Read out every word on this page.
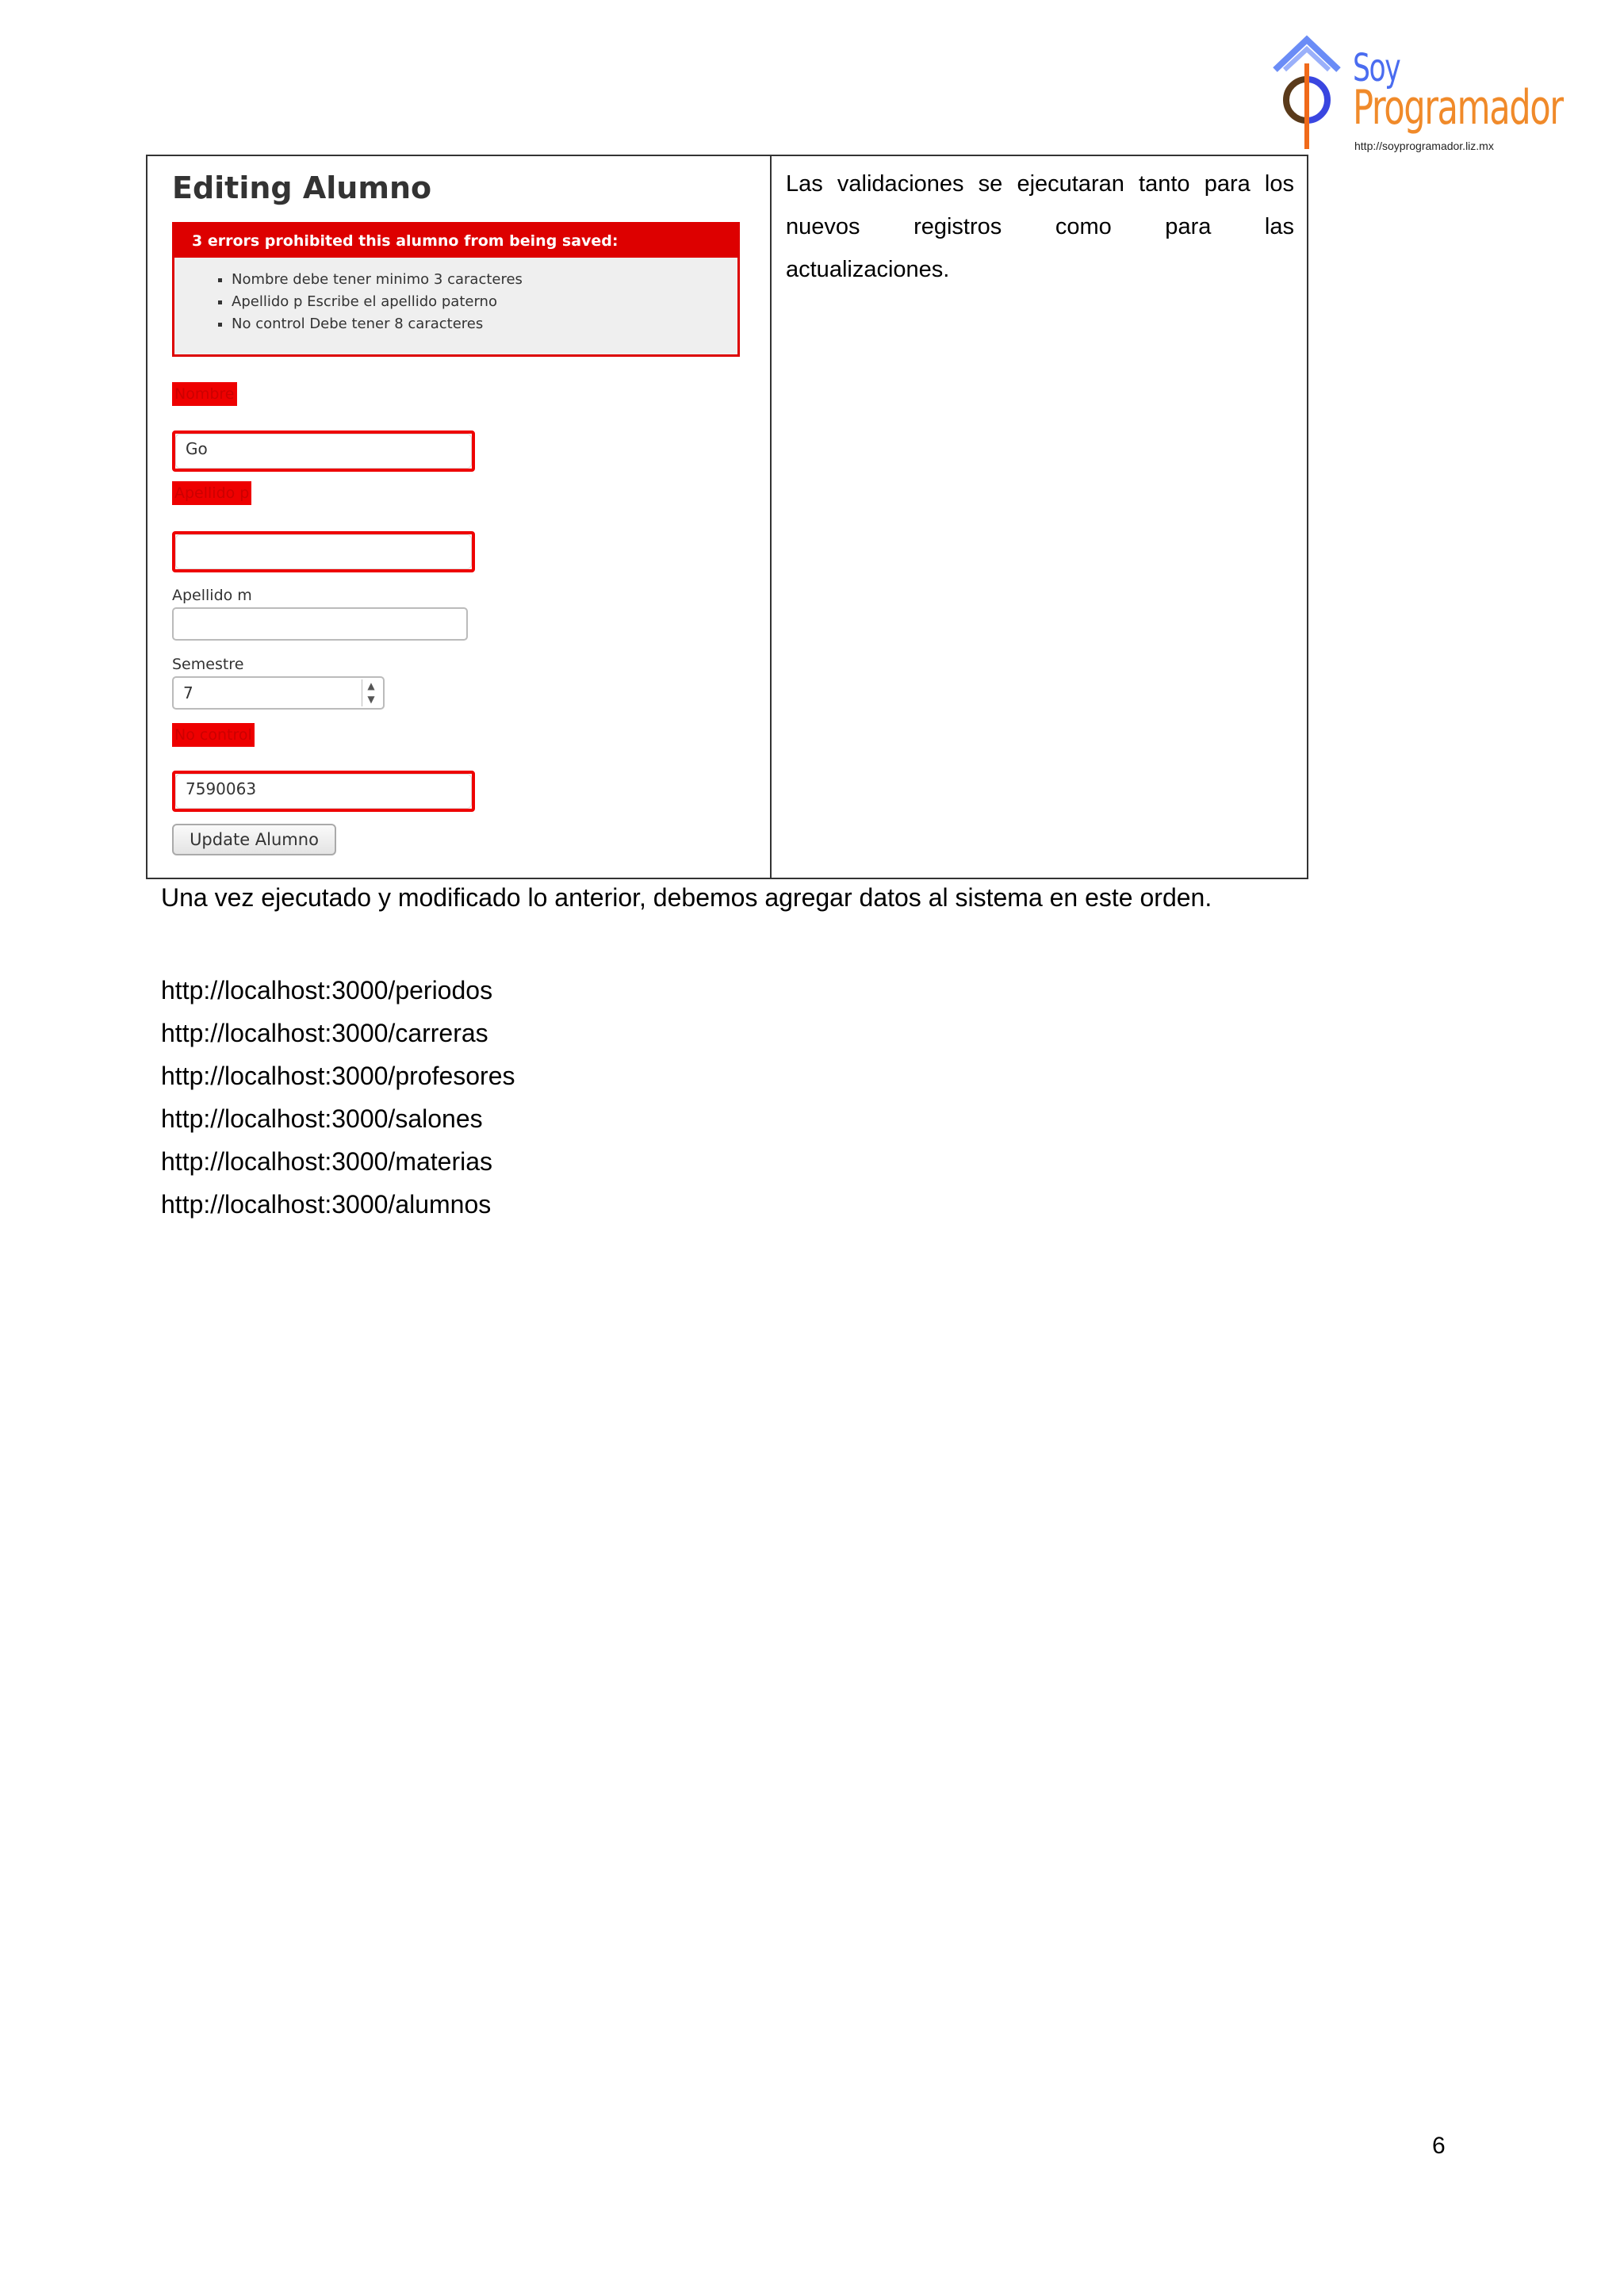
Soy
Programador
http://soyprogramador.liz.mx
Editing Alumno
3 errors prohibited this alumno from being saved:
▪ Nombre debe tener minimo 3 caracteres
▪ Apellido p Escribe el apellido paterno
▪ No control Debe tener 8 caracteres
Nombre
Go
Apellido p
Apellido m
Semestre
7	▲
▼
No control
7590063
Update Alumno
Las validaciones se ejecutaran tanto para los
nuevos registros como para las
actualizaciones.
Una vez ejecutado y modificado lo anterior, debemos agregar datos al sistema en este orden.
http://localhost:3000/periodos
http://localhost:3000/carreras
http://localhost:3000/profesores
http://localhost:3000/salones
http://localhost:3000/materias
http://localhost:3000/alumnos
6
